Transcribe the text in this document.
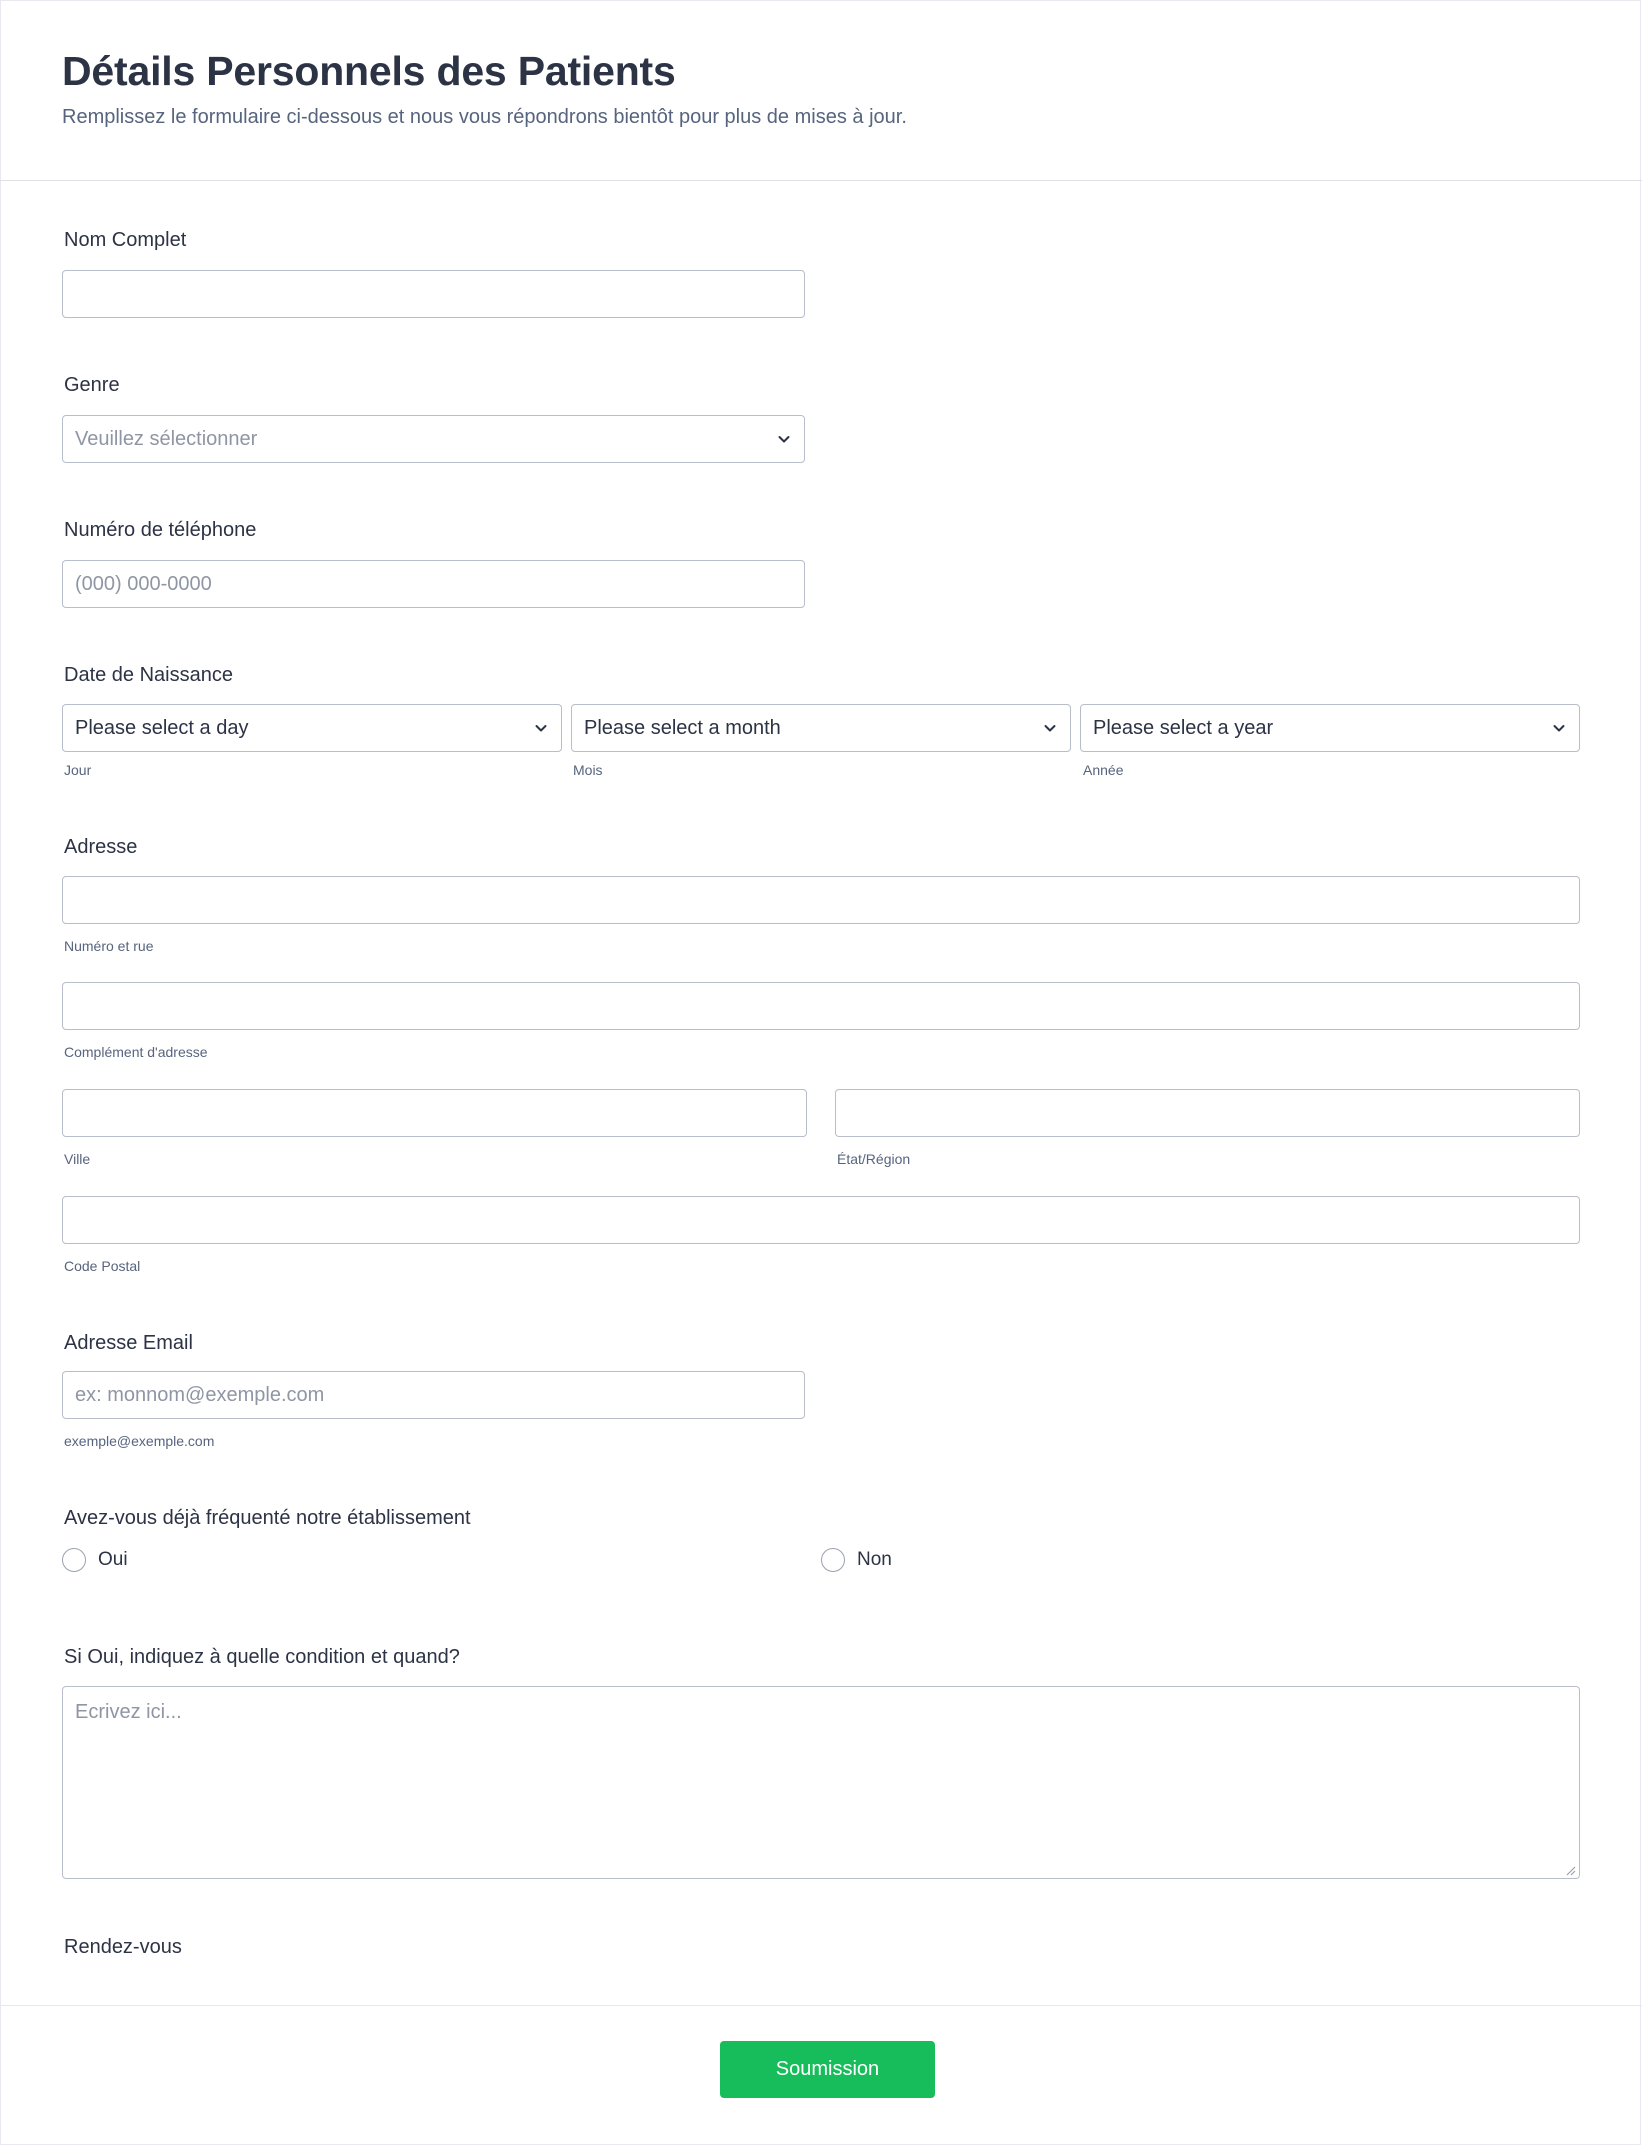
Détails Personnels des Patients
Remplissez le formulaire ci-dessous et nous vous répondrons bientôt pour plus de mises à jour.
Nom Complet
Genre
Veuillez sélectionner
Numéro de téléphone
(000) 000-0000
Date de Naissance
Please select a day
Jour
Please select a month
Mois
Please select a year
Année
Adresse
Numéro et rue
Complément d'adresse
Ville	État/Région
Code Postal
Adresse Email
ex: monnom@exemple.com
exemple@exemple.com
Avez-vous déjà fréquenté notre établissement
Oui	Non
Si Oui, indiquez à quelle condition et quand?
Ecrivez ici...
Rendez-vous
Soumission
